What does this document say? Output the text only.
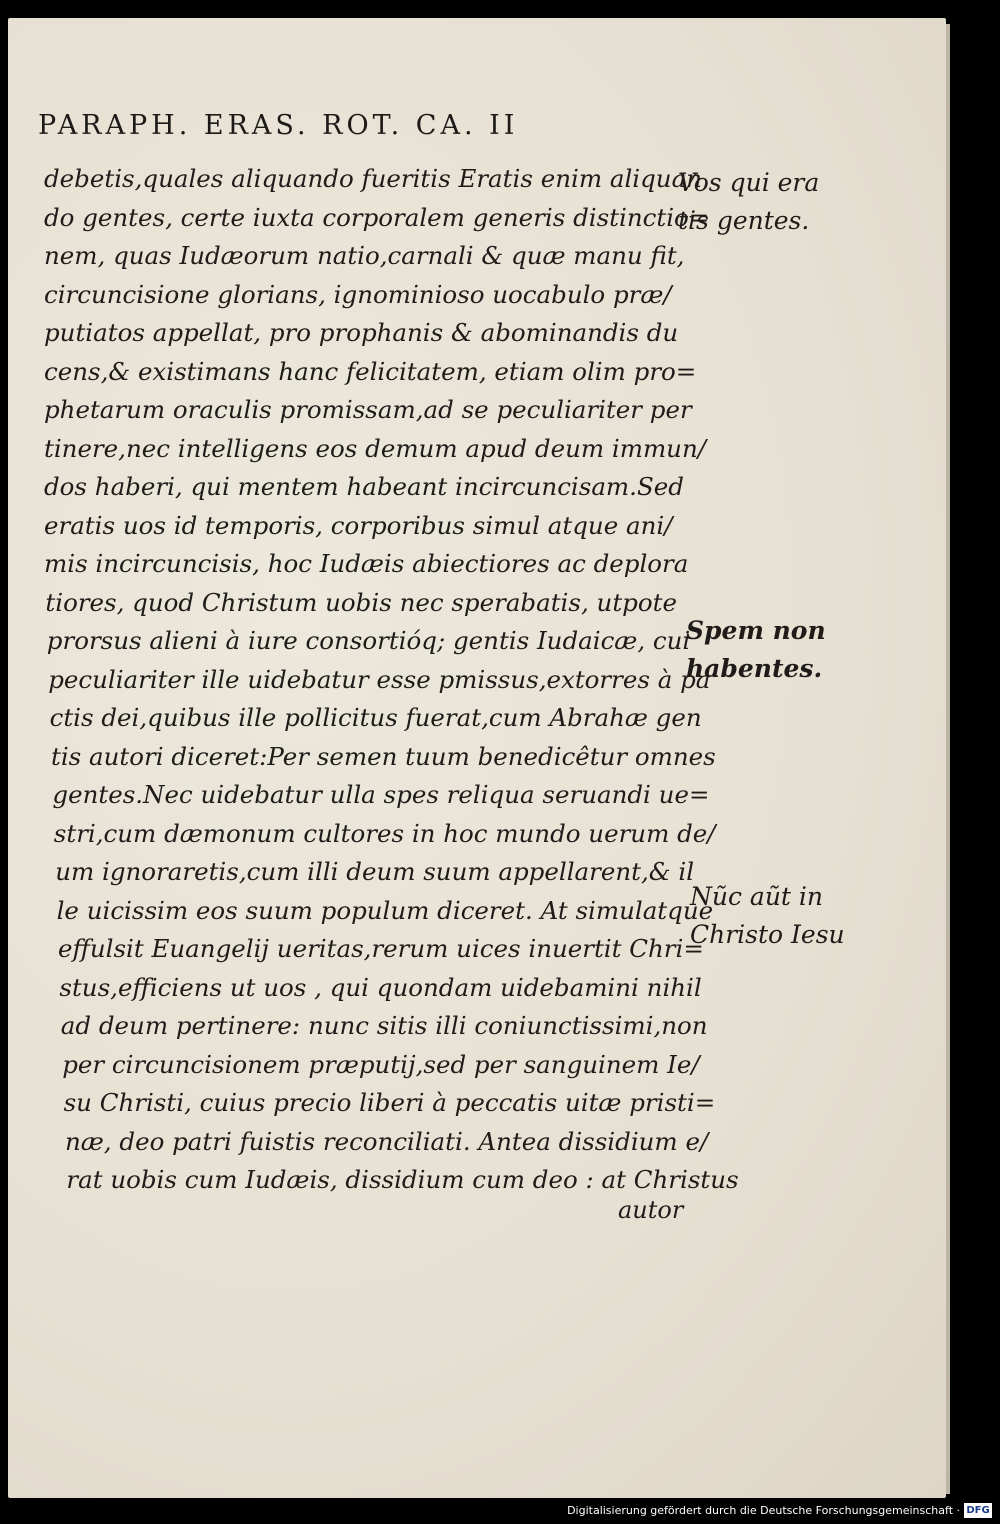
PARAPH. ERAS. ROT. CA. II
debetis,quales aliquando fueritis Eratis enim aliquan
do gentes, certe iuxta corporalem generis distinctio=
nem, quas Iudæorum natio,carnali & quæ manu fit,
circuncisione glorians, ignominioso uocabulo præ/
putiatos appellat, pro prophanis & abominandis du
cens,& existimans hanc felicitatem, etiam olim pro=
phetarum oraculis promissam,ad se peculiariter per
tinere,nec intelligens eos demum apud deum immun/
dos haberi, qui mentem habeant incircuncisam.Sed
eratis uos id temporis, corporibus simul atque ani/
mis incircuncisis, hoc Iudæis abiectiores ac deplora
tiores, quod Christum uobis nec sperabatis, utpote
prorsus alieni à iure consortióq; gentis Iudaicæ, cui
peculiariter ille uidebatur esse pmissus,extorres à pa
ctis dei,quibus ille pollicitus fuerat,cum Abrahæ gen
tis autori diceret:Per semen tuum benedicêtur omnes
gentes.Nec uidebatur ulla spes reliqua seruandi ue=
stri,cum dæmonum cultores in hoc mundo uerum de/
um ignoraretis,cum illi deum suum appellarent,& il
le uicissim eos suum populum diceret. At simulatque
effulsit Euangelij ueritas,rerum uices inuertit Chri=
stus,efficiens ut uos , qui quondam uidebamini nihil
ad deum pertinere: nunc sitis illi coniunctissimi,non
per circuncisionem præputij,sed per sanguinem Ie/
su Christi, cuius precio liberi à peccatis uitæ pristi=
næ, deo patri fuistis reconciliati. Antea dissidium e/
rat uobis cum Iudæis, dissidium cum deo : at Christus
Vos qui era
tis gentes.
Spem non
habentes.
Nũc aũt in
Christo Iesu
autor
Digitalisierung gefördert durch die Deutsche Forschungsgemeinschaft · DFG
